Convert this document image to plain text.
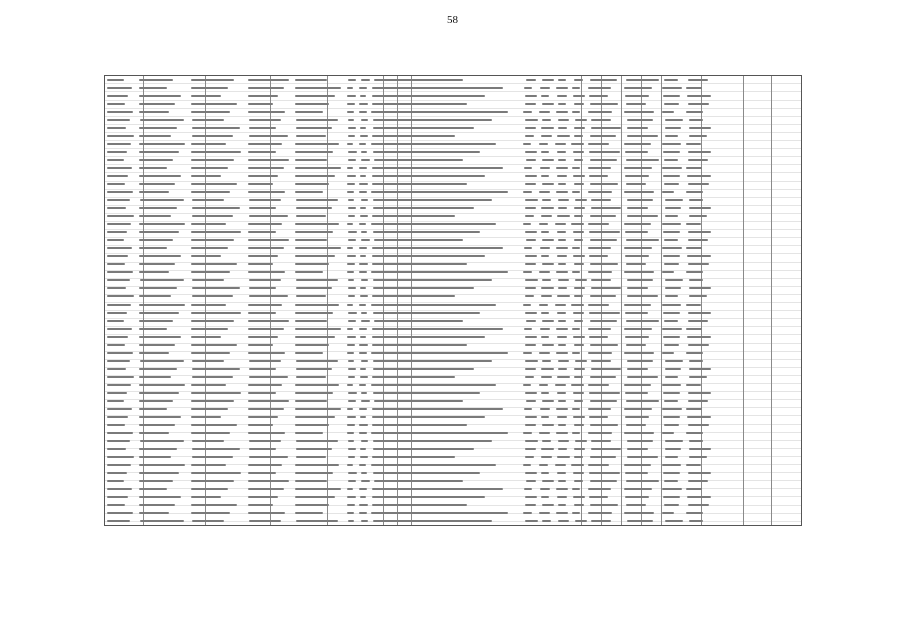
58
